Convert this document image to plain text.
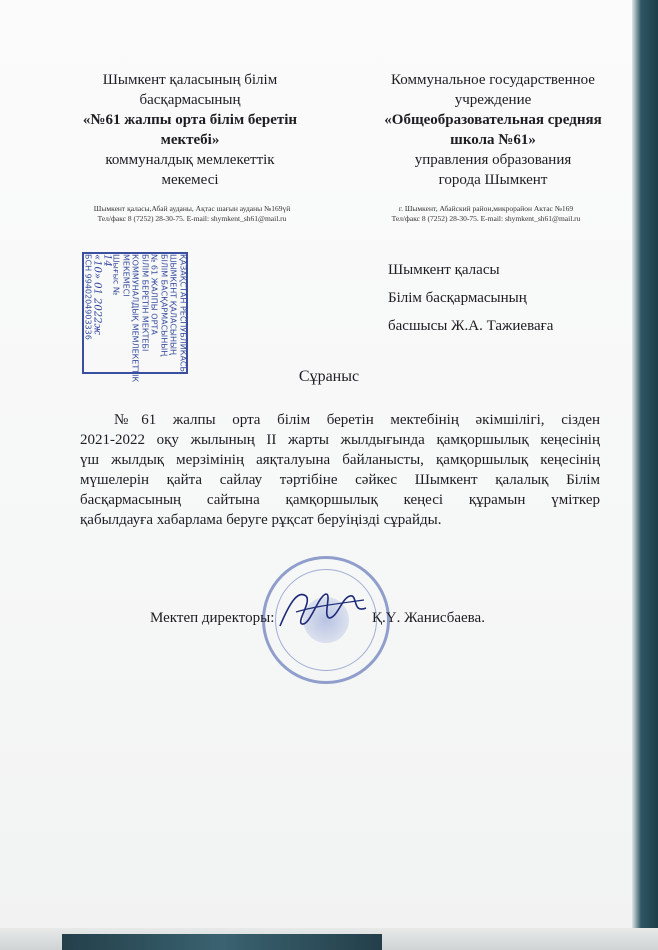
Шымкент қаласының білім
басқармасының
«№61 жалпы орта білім беретін
мектебі»
коммуналдық мемлекеттік
мекемесі
Коммунальное государственное
учреждение
«Общеобразовательная средняя
школа №61»
управления образования
города Шымкент
Шымкент қаласы,Абай ауданы, Ақтас шағын ауданы №169үй
Тел/факс 8 (7252) 28-30-75. E-mail: shymkent_sh61@mail.ru
г. Шымкент, Абайский район,микрорайон Актас №169
Тел/факс 8 (7252) 28-30-75. E-mail: shymkent_sh61@mail.ru
ҚАЗАҚСТАН РЕСПУБЛИКАСЫ
ШЫМКЕНТ ҚАЛАСЫНЫҢ
БІЛІМ БАСҚАРМАСЫНЫҢ
№ 61 ЖАЛПЫ ОРТА
БІЛІМ БЕРЕТІН МЕКТЕБІ
КОММУНАЛДЫҚ МЕМЛЕКЕТТІК
МЕКЕМЕСІ
Шығыс №
14
«10» 01 2022ж
БСН 9940204903336	Шымкент қаласы
Білім басқармасының
басшысы Ж.А. Тажиеваға
Сұраныс
№61 жалпы орта білім беретін мектебінің әкімшілігі, сізден
2021-2022 оқу жылының ІІ жарты жылдығында қамқоршылық кеңесінің
үш жылдық мерзімінің аяқталуына байланысты, қамқоршылық кеңесінің
мүшелерін қайта сайлау тәртібіне сәйкес Шымкент қалалық Білім
басқармасының сайтына қамқоршылық кеңесі құрамын үміткер
қабылдауға хабарлама беруге рұқсат беруіңізді сұрайды.
Мектеп директоры:	Қ.Ү. Жанисбаева.
